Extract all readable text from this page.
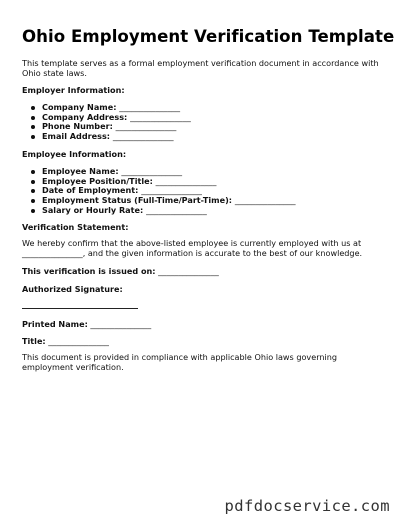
Ohio Employment Verification Template
This template serves as a formal employment verification document in accordance with Ohio state laws.
Employer Information:
Company Name: _______________
Company Address: _______________
Phone Number: _______________
Email Address: _______________
Employee Information:
Employee Name: _______________
Employee Position/Title: _______________
Date of Employment: _______________
Employment Status (Full-Time/Part-Time): _______________
Salary or Hourly Rate: _______________
Verification Statement:
We hereby confirm that the above-listed employee is currently employed with us at _______________, and the given information is accurate to the best of our knowledge.
This verification is issued on: _______________
Authorized Signature:
Printed Name: _______________
Title: _______________
This document is provided in compliance with applicable Ohio laws governing employment verification.
pdfdocservice.com
